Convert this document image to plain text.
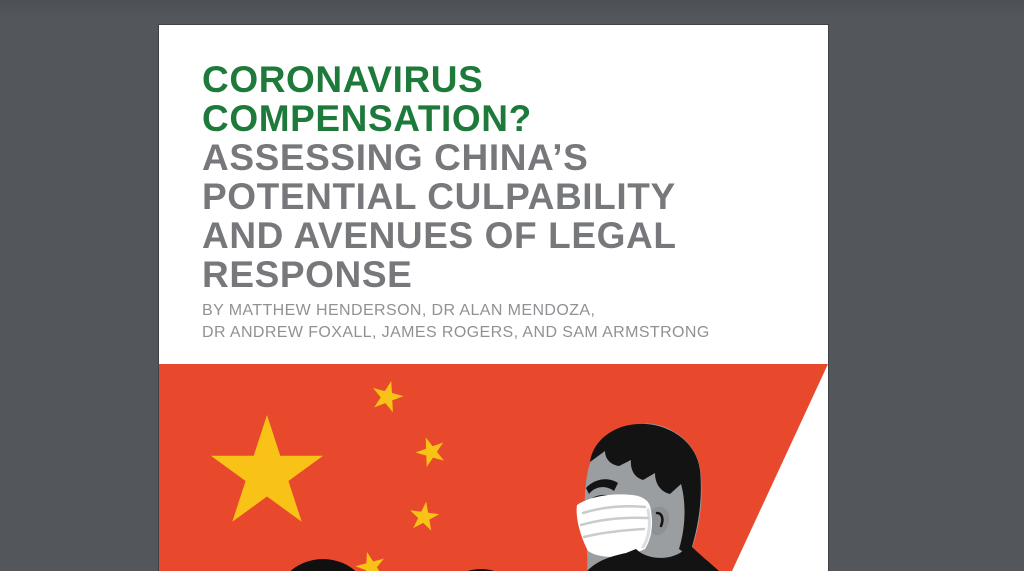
CORONAVIRUS
COMPENSATION?
ASSESSING CHINA’S
POTENTIAL CULPABILITY
AND AVENUES OF LEGAL
RESPONSE
BY MATTHEW HENDERSON, DR ALAN MENDOZA,
DR ANDREW FOXALL, JAMES ROGERS, AND SAM ARMSTRONG
